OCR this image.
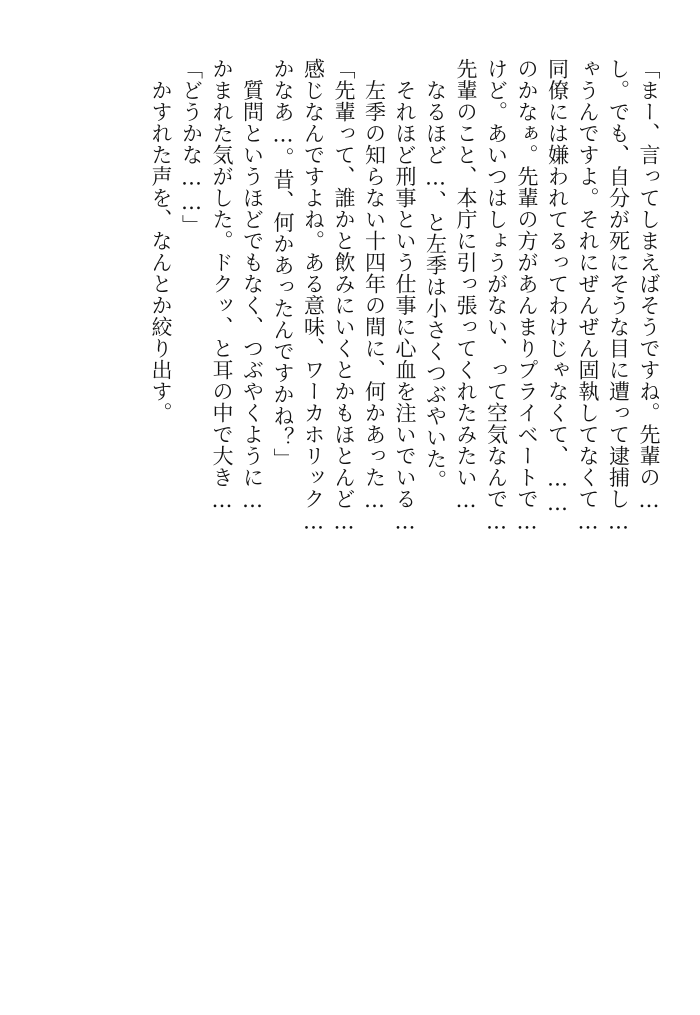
「まー、言ってしまえばそうですね。先輩の…
し。でも、自分が死にそうな目に遭って逮捕し…
ゃうんですよ。それにぜんぜん固執してなくて…
同僚には嫌われてるってわけじゃなくて、……
のかなぁ。先輩の方があんまりプライベートで…
けど。あいつはしょうがない、って空気なんで…
先輩のこと、本庁に引っ張ってくれたみたい…
　なるほど…、と左季は小さくつぶやいた。
　それほど刑事という仕事に心血を注いでいる…
　左季の知らない十四年の間に、何かあった…
「先輩って、誰かと飲みにいくとかもほとんど…
感じなんですよね。ある意味、ワーカホリック…
かなあ…。昔、何かあったんですかね？」
　質問というほどでもなく、つぶやくように…
かまれた気がした。ドクッ、と耳の中で大き…
「どうかな……」
　かすれた声を、なんとか絞り出す。
